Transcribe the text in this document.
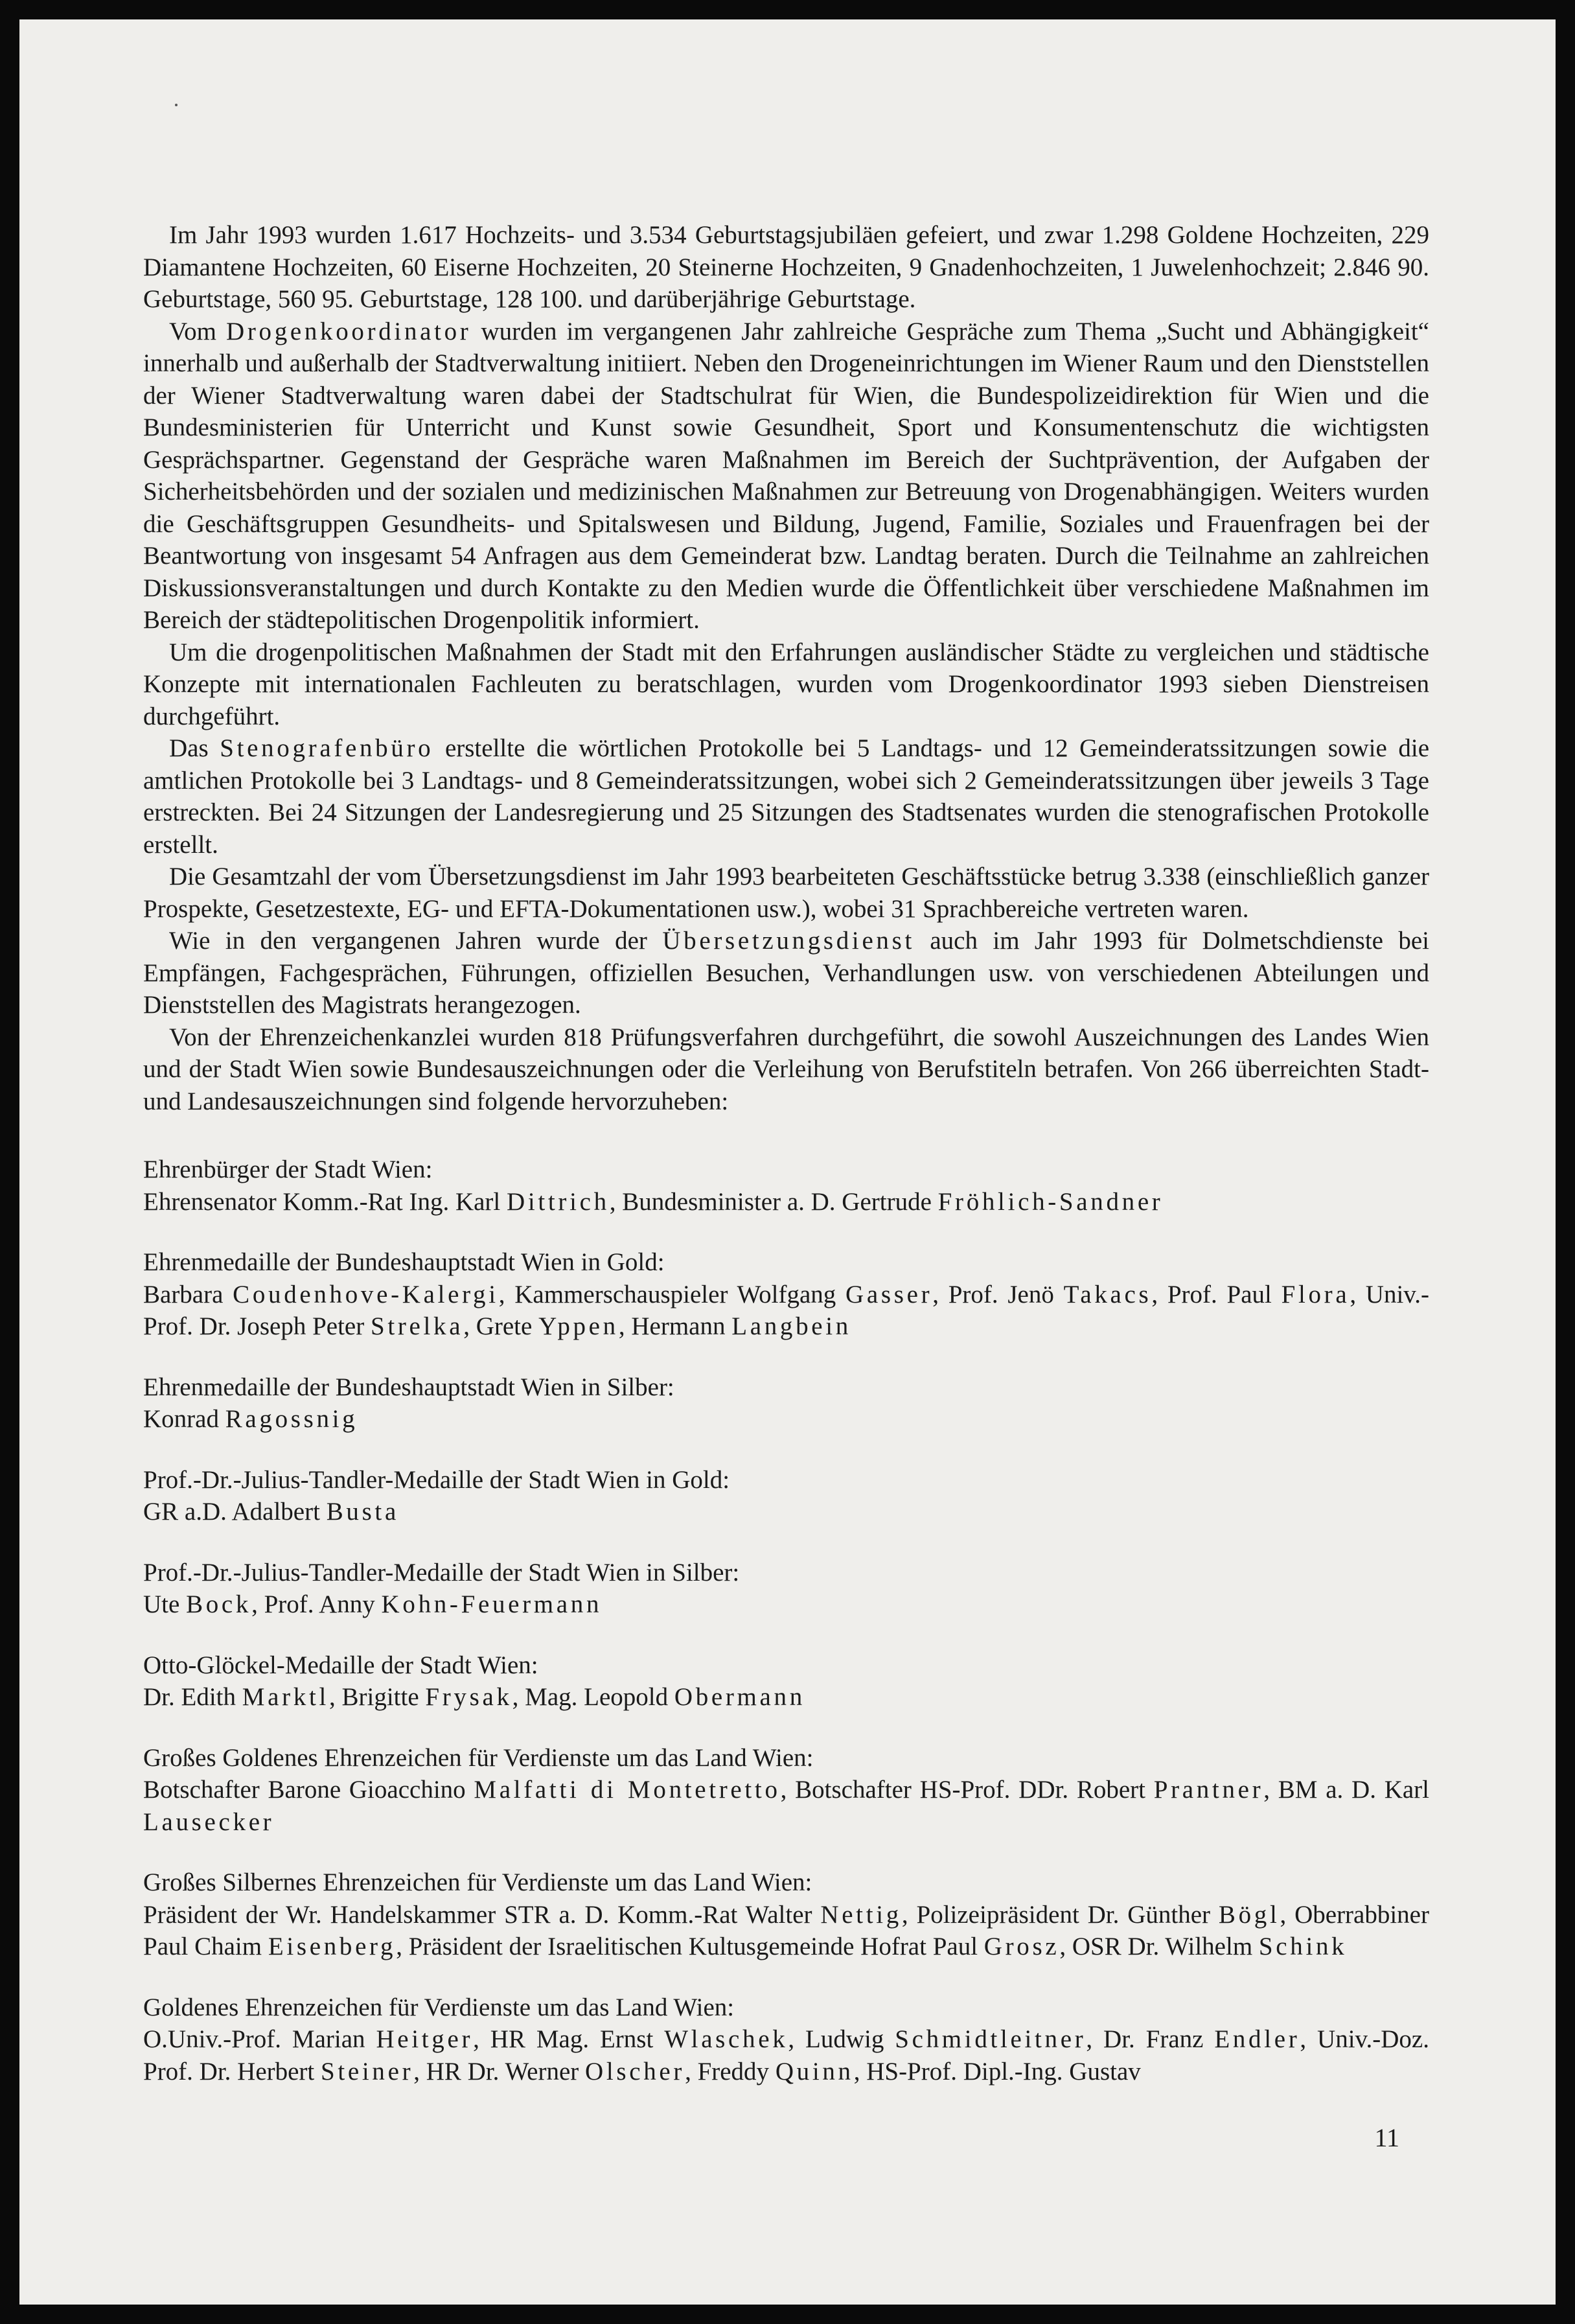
Im Jahr 1993 wurden 1.617 Hochzeits- und 3.534 Geburtstagsjubiläen gefeiert, und zwar 1.298 Goldene Hochzeiten, 229 Diamantene Hochzeiten, 60 Eiserne Hochzeiten, 20 Steinerne Hochzeiten, 9 Gnadenhochzeiten, 1 Juwelenhochzeit; 2.846 90. Geburtstage, 560 95. Geburtstage, 128 100. und darüberjährige Geburtstage.

Vom Drogenkoordinator wurden im vergangenen Jahr zahlreiche Gespräche zum Thema „Sucht und Abhängigkeit“ innerhalb und außerhalb der Stadtverwaltung initiiert. Neben den Drogeneinrichtungen im Wiener Raum und den Dienststellen der Wiener Stadtverwaltung waren dabei der Stadtschulrat für Wien, die Bundespolizeidirektion für Wien und die Bundesministerien für Unterricht und Kunst sowie Gesundheit, Sport und Konsumentenschutz die wichtigsten Gesprächspartner. Gegenstand der Gespräche waren Maßnahmen im Bereich der Suchtprävention, der Aufgaben der Sicherheitsbehörden und der sozialen und medizinischen Maßnahmen zur Betreuung von Drogenabhängigen. Weiters wurden die Geschäftsgruppen Gesundheits- und Spitalswesen und Bildung, Jugend, Familie, Soziales und Frauenfragen bei der Beantwortung von insgesamt 54 Anfragen aus dem Gemeinderat bzw. Landtag beraten. Durch die Teilnahme an zahlreichen Diskussionsveranstaltungen und durch Kontakte zu den Medien wurde die Öffentlichkeit über verschiedene Maßnahmen im Bereich der städtepolitischen Drogenpolitik informiert.

Um die drogenpolitischen Maßnahmen der Stadt mit den Erfahrungen ausländischer Städte zu vergleichen und städtische Konzepte mit internationalen Fachleuten zu beratschlagen, wurden vom Drogenkoordinator 1993 sieben Dienstreisen durchgeführt.

Das Stenografenbüro erstellte die wörtlichen Protokolle bei 5 Landtags- und 12 Gemeinderatssitzungen sowie die amtlichen Protokolle bei 3 Landtags- und 8 Gemeinderatssitzungen, wobei sich 2 Gemeinderatssitzungen über jeweils 3 Tage erstreckten. Bei 24 Sitzungen der Landesregierung und 25 Sitzungen des Stadtsenates wurden die stenografischen Protokolle erstellt.

Die Gesamtzahl der vom Übersetzungsdienst im Jahr 1993 bearbeiteten Geschäftsstücke betrug 3.338 (einschließlich ganzer Prospekte, Gesetzestexte, EG- und EFTA-Dokumentationen usw.), wobei 31 Sprachbereiche vertreten waren.

Wie in den vergangenen Jahren wurde der Übersetzungsdienst auch im Jahr 1993 für Dolmetschdienste bei Empfängen, Fachgesprächen, Führungen, offiziellen Besuchen, Verhandlungen usw. von verschiedenen Abteilungen und Dienststellen des Magistrats herangezogen.

Von der Ehrenzeichenkanzlei wurden 818 Prüfungsverfahren durchgeführt, die sowohl Auszeichnungen des Landes Wien und der Stadt Wien sowie Bundesauszeichnungen oder die Verleihung von Berufstiteln betrafen. Von 266 überreichten Stadt- und Landesauszeichnungen sind folgende hervorzuheben:

Ehrenbürger der Stadt Wien:
Ehrensenator Komm.-Rat Ing. Karl Dittrich, Bundesminister a. D. Gertrude Fröhlich-Sandner
Ehrenmedaille der Bundeshauptstadt Wien in Gold:
Barbara Coudenhove-Kalergi, Kammerschauspieler Wolfgang Gasser, Prof. Jenö Takacs, Prof. Paul Flora, Univ.-Prof. Dr. Joseph Peter Strelka, Grete Yppen, Hermann Langbein
Ehrenmedaille der Bundeshauptstadt Wien in Silber:
Konrad Ragossnig
Prof.-Dr.-Julius-Tandler-Medaille der Stadt Wien in Gold:
GR a.D. Adalbert Busta
Prof.-Dr.-Julius-Tandler-Medaille der Stadt Wien in Silber:
Ute Bock, Prof. Anny Kohn-Feuermann
Otto-Glöckel-Medaille der Stadt Wien:
Dr. Edith Marktl, Brigitte Frysak, Mag. Leopold Obermann
Großes Goldenes Ehrenzeichen für Verdienste um das Land Wien:
Botschafter Barone Gioacchino Malfatti di Montetretto, Botschafter HS-Prof. DDr. Robert Prantner, BM a. D. Karl Lausecker
Großes Silbernes Ehrenzeichen für Verdienste um das Land Wien:
Präsident der Wr. Handelskammer STR a. D. Komm.-Rat Walter Nettig, Polizeipräsident Dr. Günther Bögl, Oberrabbiner Paul Chaim Eisenberg, Präsident der Israelitischen Kultusgemeinde Hofrat Paul Grosz, OSR Dr. Wilhelm Schink
Goldenes Ehrenzeichen für Verdienste um das Land Wien:
O.Univ.-Prof. Marian Heitger, HR Mag. Ernst Wlaschek, Ludwig Schmidtleitner, Dr. Franz Endler, Univ.-Doz. Prof. Dr. Herbert Steiner, HR Dr. Werner Olscher, Freddy Quinn, HS-Prof. Dipl.-Ing. Gustav
11
